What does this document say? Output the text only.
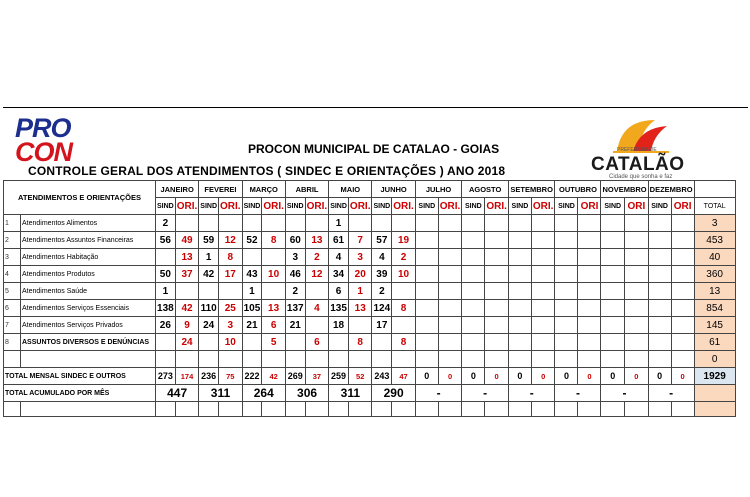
PRO
CON	PROCON MUNICIPAL DE CATALAO - GOIAS
CONTROLE GERAL DOS ATENDIMENTOS ( SINDEC E ORIENTAÇÕES ) ANO 2018
PREFEITURA DE
CATALÃO
Cidade que sonha e faz
ATENDIMENTOS E ORIENTAÇÕES		JANEIRO		FEVEREI		MARÇO		ABRIL		MAIO		JUNHO		JULHO		AGOSTO		SETEMBRO		OUTUBRO		NOVEMBRO		DEZEMBRO		
		SIND	ORI.	SIND	ORI.	SIND	ORI.	SIND	ORI.	SIND	ORI.	SIND	ORI.	SIND	ORI.	SIND	ORI.	SIND	ORI.	SIND	ORI	SIND	ORI	SIND	ORI	TOTAL
1	Atendimentos Alimentos	2								1																3
2	Atendimentos Assuntos Financeiras	56	49	59	12	52	8	60	13	61	7	57	19													453
3	Atendimentos Habitação		13	1	8			3	2	4	3	4	2													40
4	Atendimentos Produtos	50	37	42	17	43	10	46	12	34	20	39	10													360
5	Atendimentos Saúde	1				1		2		6	1	2														13
6	Atendimentos Serviços Essenciais	138	42	110	25	105	13	137	4	135	13	124	8													854
7	Atendimentos Serviços Privados	26	9	24	3	21	6	21		18		17														145
8	ASSUNTOS DIVERSOS E DENÚNCIAS		24		10		5		6		8		8													61
																										0
TOTAL MENSAL SINDEC E OUTROS		273	174	236	75	222	42	269	37	259	52	243	47	0	0	0	0	0	0	0	0	0	0	0	0	1929
TOTAL ACUMULADO POR MÊS		447		311		264		306		311		290		-		-		-		-		-		-		
